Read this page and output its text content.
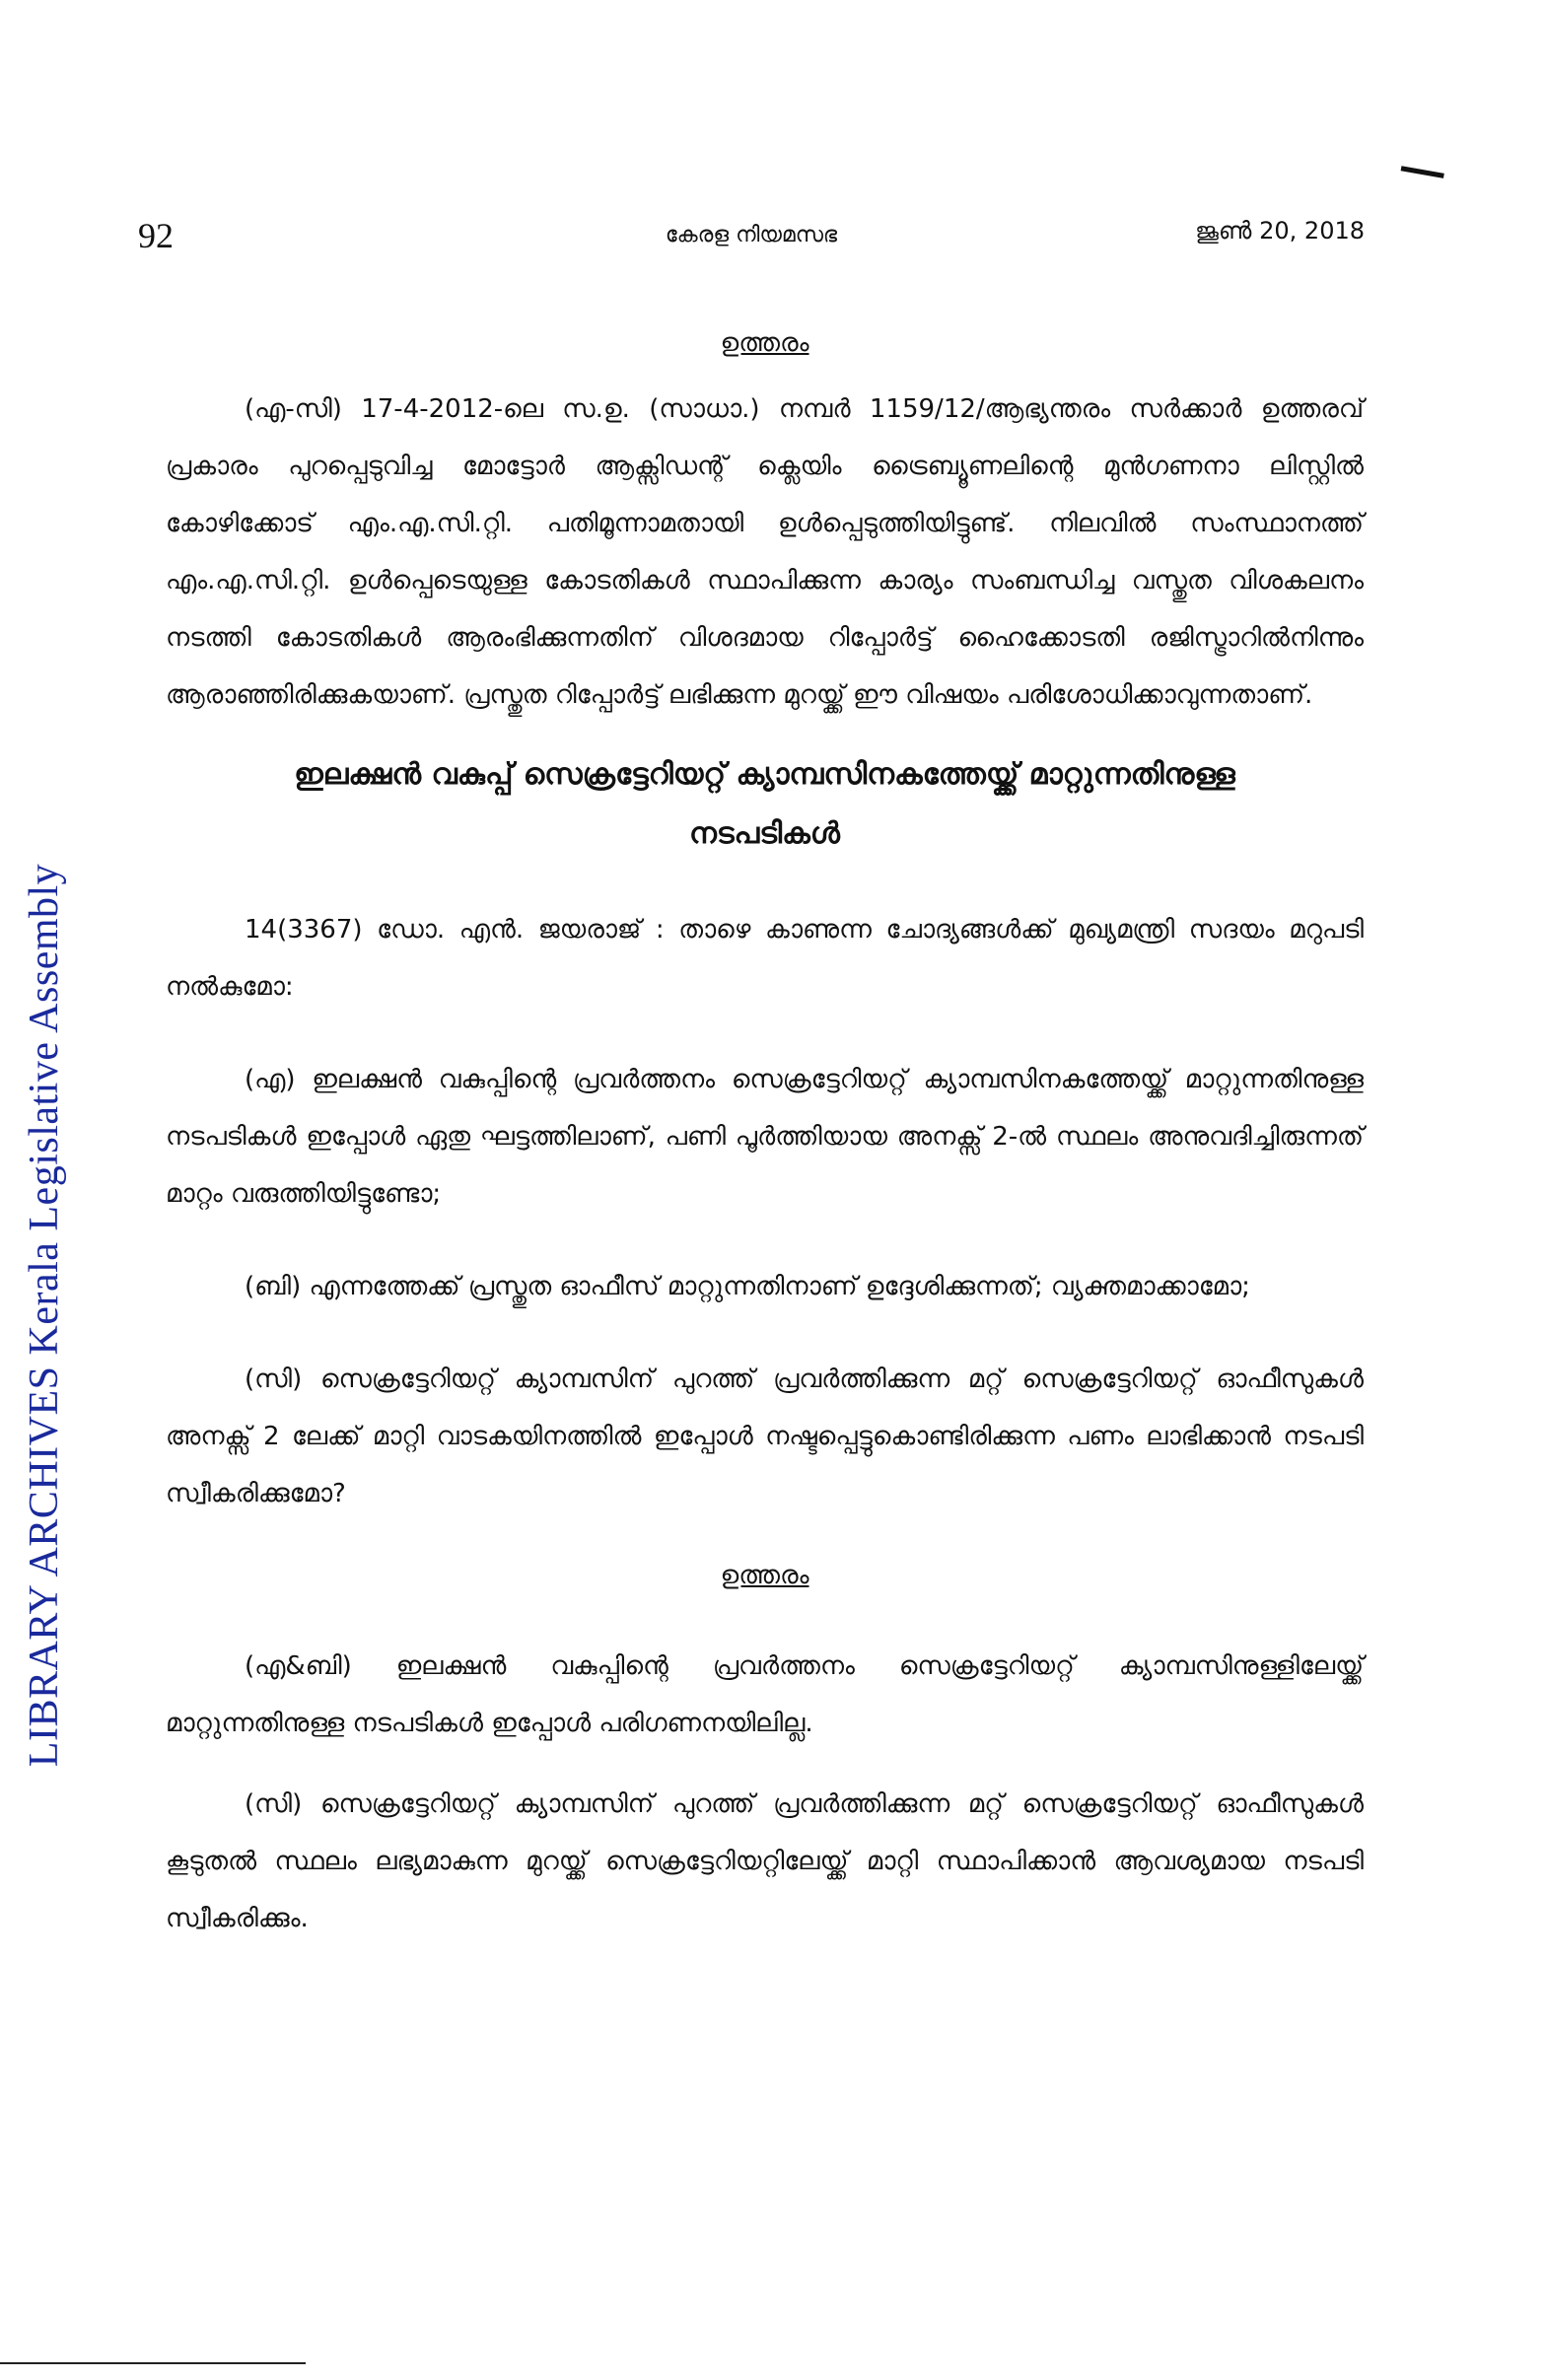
LIBRARY ARCHIVES Kerala Legislative Assembly
92	കേരള നിയമസഭ	ജൂൺ 20, 2018
ഉത്തരം

(എ-സി) 17-4-2012-ലെ സ.ഉ. (സാധാ.) നമ്പർ 1159/12/ആഭ്യന്തരം സർക്കാർ ഉത്തരവ് പ്രകാരം പുറപ്പെടുവിച്ച മോട്ടോർ ആക്സിഡന്റ് ക്ലെയിം ട്രൈബ്യൂണലിന്റെ മുൻഗണനാ ലിസ്റ്റിൽ കോഴിക്കോട് എം.എ.സി.റ്റി. പതിമൂന്നാമതായി ഉൾപ്പെടുത്തിയിട്ടുണ്ട്. നിലവിൽ സംസ്ഥാനത്ത് എം.എ.സി.റ്റി. ഉൾപ്പെടെയുള്ള കോടതികൾ സ്ഥാപിക്കുന്ന കാര്യം സംബന്ധിച്ച വസ്തുത വിശകലനം നടത്തി കോടതികൾ ആരംഭിക്കുന്നതിന് വിശദമായ റിപ്പോർട്ട് ഹൈക്കോടതി രജിസ്ട്രാറിൽനിന്നും ആരാഞ്ഞിരിക്കുകയാണ്. പ്രസ്തുത റിപ്പോർട്ട് ലഭിക്കുന്ന മുറയ്ക്ക് ഈ വിഷയം പരിശോധിക്കാവുന്നതാണ്.

ഇലക്ഷൻ വകുപ്പ് സെക്രട്ടേറിയറ്റ് ക്യാമ്പസിനകത്തേയ്ക്ക് മാറ്റുന്നതിനുള്ള
നടപടികൾ

14(3367) ഡോ. എൻ. ജയരാജ് : താഴെ കാണുന്ന ചോദ്യങ്ങൾക്ക് മുഖ്യമന്ത്രി സദയം മറുപടി നൽകുമോ:

(എ) ഇലക്ഷൻ വകുപ്പിന്റെ പ്രവർത്തനം സെക്രട്ടേറിയറ്റ് ക്യാമ്പസിനകത്തേയ്ക്ക് മാറ്റുന്നതിനുള്ള നടപടികൾ ഇപ്പോൾ ഏതു ഘട്ടത്തിലാണ്, പണി പൂർത്തിയായ അനക്സ് 2-ൽ സ്ഥലം അനുവദിച്ചിരുന്നത് മാറ്റം വരുത്തിയിട്ടുണ്ടോ;

(ബി) എന്നത്തേക്ക് പ്രസ്തുത ഓഫീസ് മാറ്റുന്നതിനാണ് ഉദ്ദേശിക്കുന്നത്; വ്യക്തമാക്കാമോ;

(സി) സെക്രട്ടേറിയറ്റ് ക്യാമ്പസിന് പുറത്ത് പ്രവർത്തിക്കുന്ന മറ്റ് സെക്രട്ടേറിയറ്റ് ഓഫീസുകൾ അനക്സ് 2 ലേക്ക് മാറ്റി വാടകയിനത്തിൽ ഇപ്പോൾ നഷ്ടപ്പെട്ടുകൊണ്ടിരിക്കുന്ന പണം ലാഭിക്കാൻ നടപടി സ്വീകരിക്കുമോ?

ഉത്തരം

(എ&ബി) ഇലക്ഷൻ വകുപ്പിന്റെ പ്രവർത്തനം സെക്രട്ടേറിയറ്റ് ക്യാമ്പസിനുള്ളിലേയ്ക്ക് മാറ്റുന്നതിനുള്ള നടപടികൾ ഇപ്പോൾ പരിഗണനയിലില്ല.

(സി) സെക്രട്ടേറിയറ്റ് ക്യാമ്പസിന് പുറത്ത് പ്രവർത്തിക്കുന്ന മറ്റ് സെക്രട്ടേറിയറ്റ് ഓഫീസുകൾ കൂടുതൽ സ്ഥലം ലഭ്യമാകുന്ന മുറയ്ക്ക് സെക്രട്ടേറിയറ്റിലേയ്ക്ക് മാറ്റി സ്ഥാപിക്കാൻ ആവശ്യമായ നടപടി സ്വീകരിക്കും.
